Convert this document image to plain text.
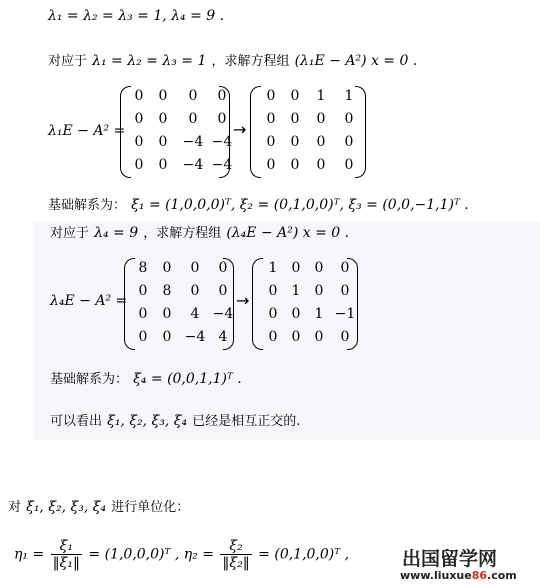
λ₁ = λ₂ = λ₃ = 1, λ₄ = 9 .
对应于 λ₁ = λ₂ = λ₃ = 1 ，求解方程组 (λ₁E − A²) x = 0 .
λ₁E − A² =
0	0	0	0
0	0	0	0
0	0	−4 −4
0	0	−4 −4
→
0	0	1	1
0	0	0	0
0	0	0	0
0	0	0	0
基础解系为： ξ₁ = (1,0,0,0)ᵀ, ξ₂ = (0,1,0,0)ᵀ, ξ₃ = (0,0,−1,1)ᵀ .
对应于 λ₄ = 9 ，求解方程组 (λ₄E − A²) x = 0 .
λ₄E − A² =
8	0	0	0
0	8	0	0
0	0	4 −4
0	0 −4 4
→
1	0	0	0
0	1	0	0
0	0	1 −1
0	0	0	0
基础解系为： ξ₄ = (0,0,1,1)ᵀ .
可以看出 ξ₁, ξ₂, ξ₃, ξ₄ 已经是相互正交的.
对 ξ₁, ξ₂, ξ₃, ξ₄ 进行单位化：
$\eta_1 = \frac{\text{ξ₁}}{\text{‖ξ₁‖}}$ = (1,0,0,0)ᵀ , $\eta_2 = \frac{\text{ξ₂}}{\text{‖ξ₂‖}}$ = (0,1,0,0)ᵀ ,	出国留学网
www.liuxue86.com
